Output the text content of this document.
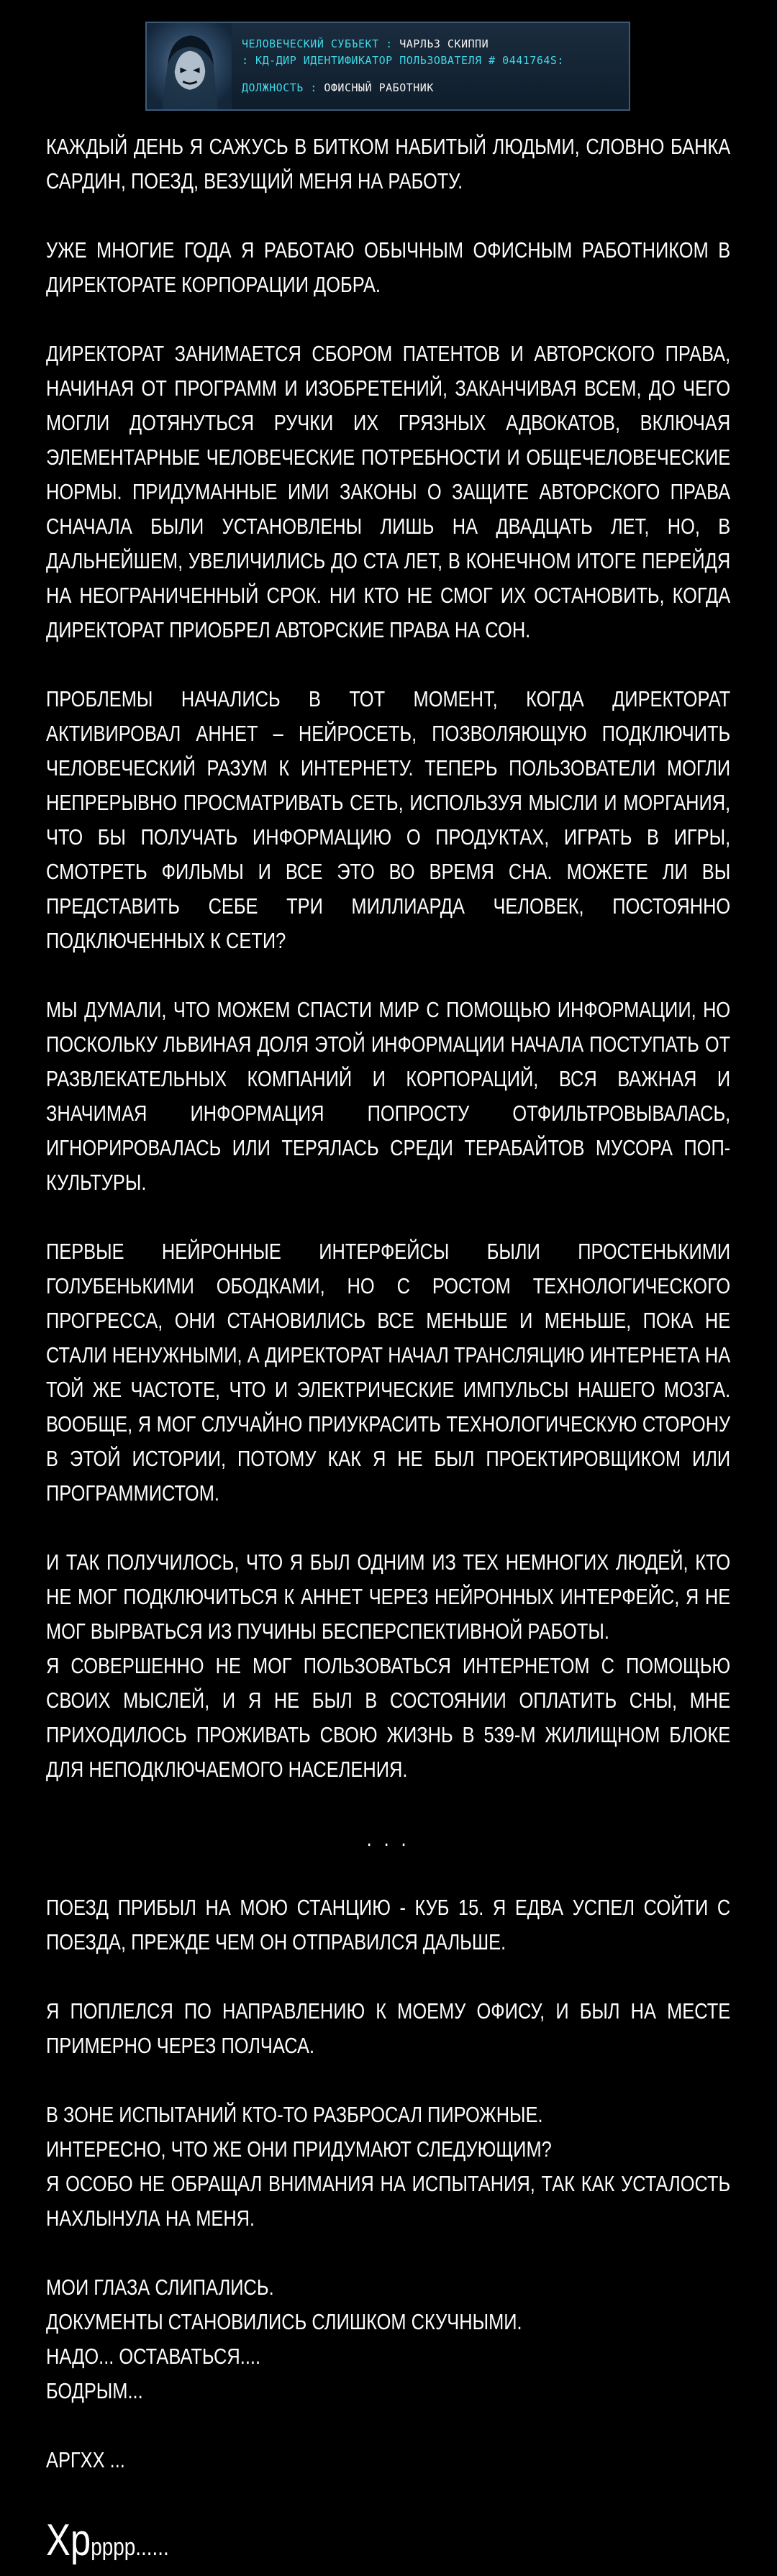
ЧЕЛОВЕЧЕСКИЙ СУБЪЕКТ : ЧАРЛЬЗ СКИППИ
: КД-ДИР ИДЕНТИФИКАТОР ПОЛЬЗОВАТЕЛЯ # 0441764S:
ДОЛЖНОСТЬ : ОФИСНЫЙ РАБОТНИК

КАЖДЫЙ ДЕНЬ Я САЖУСЬ В БИТКОМ НАБИТЫЙ ЛЮДЬМИ, СЛОВНО БАНКА САРДИН, ПОЕЗД, ВЕЗУЩИЙ МЕНЯ НА РАБОТУ.

УЖЕ МНОГИЕ ГОДА Я РАБОТАЮ ОБЫЧНЫМ ОФИСНЫМ РАБОТНИКОМ В ДИРЕКТОРАТЕ КОРПОРАЦИИ ДОБРА.

ДИРЕКТОРАТ ЗАНИМАЕТСЯ СБОРОМ ПАТЕНТОВ И АВТОРСКОГО ПРАВА, НАЧИНАЯ ОТ ПРОГРАММ И ИЗОБРЕТЕНИЙ, ЗАКАНЧИВАЯ ВСЕМ, ДО ЧЕГО МОГЛИ ДОТЯНУТЬСЯ РУЧКИ ИХ ГРЯЗНЫХ АДВОКАТОВ, ВКЛЮЧАЯ ЭЛЕМЕНТАРНЫЕ ЧЕЛОВЕЧЕСКИЕ ПОТРЕБНОСТИ И ОБЩЕЧЕЛОВЕЧЕСКИЕ НОРМЫ. ПРИДУМАННЫЕ ИМИ ЗАКОНЫ О ЗАЩИТЕ АВТОРСКОГО ПРАВА СНАЧАЛА БЫЛИ УСТАНОВЛЕНЫ ЛИШЬ НА ДВАДЦАТЬ ЛЕТ, НО, В ДАЛЬНЕЙШЕМ, УВЕЛИЧИЛИСЬ ДО СТА ЛЕТ, В КОНЕЧНОМ ИТОГЕ ПЕРЕЙДЯ НА НЕОГРАНИЧЕННЫЙ СРОК. НИ КТО НЕ СМОГ ИХ ОСТАНОВИТЬ, КОГДА ДИРЕКТОРАТ ПРИОБРЕЛ АВТОРСКИЕ ПРАВА НА СОН.

ПРОБЛЕМЫ НАЧАЛИСЬ В ТОТ МОМЕНТ, КОГДА ДИРЕКТОРАТ АКТИВИРОВАЛ АННЕТ – НЕЙРОСЕТЬ, ПОЗВОЛЯЮЩУЮ ПОДКЛЮЧИТЬ ЧЕЛОВЕЧЕСКИЙ РАЗУМ К ИНТЕРНЕТУ. ТЕПЕРЬ ПОЛЬЗОВАТЕЛИ МОГЛИ НЕПРЕРЫВНО ПРОСМАТРИВАТЬ СЕТЬ, ИСПОЛЬЗУЯ МЫСЛИ И МОРГАНИЯ, ЧТО БЫ ПОЛУЧАТЬ ИНФОРМАЦИЮ О ПРОДУКТАХ, ИГРАТЬ В ИГРЫ, СМОТРЕТЬ ФИЛЬМЫ И ВСЕ ЭТО ВО ВРЕМЯ СНА. МОЖЕТЕ ЛИ ВЫ ПРЕДСТАВИТЬ СЕБЕ ТРИ МИЛЛИАРДА ЧЕЛОВЕК, ПОСТОЯННО ПОДКЛЮЧЕННЫХ К СЕТИ?

МЫ ДУМАЛИ, ЧТО МОЖЕМ СПАСТИ МИР С ПОМОЩЬЮ ИНФОРМАЦИИ, НО ПОСКОЛЬКУ ЛЬВИНАЯ ДОЛЯ ЭТОЙ ИНФОРМАЦИИ НАЧАЛА ПОСТУПАТЬ ОТ РАЗВЛЕКАТЕЛЬНЫХ КОМПАНИЙ И КОРПОРАЦИЙ, ВСЯ ВАЖНАЯ И ЗНАЧИМАЯ ИНФОРМАЦИЯ ПОПРОСТУ ОТФИЛЬТРОВЫВАЛАСЬ, ИГНОРИРОВАЛАСЬ ИЛИ ТЕРЯЛАСЬ СРЕДИ ТЕРАБАЙТОВ МУСОРА ПОП-КУЛЬТУРЫ.

ПЕРВЫЕ НЕЙРОННЫЕ ИНТЕРФЕЙСЫ БЫЛИ ПРОСТЕНЬКИМИ ГОЛУБЕНЬКИМИ ОБОДКАМИ, НО С РОСТОМ ТЕХНОЛОГИЧЕСКОГО ПРОГРЕССА, ОНИ СТАНОВИЛИСЬ ВСЕ МЕНЬШЕ И МЕНЬШЕ, ПОКА НЕ СТАЛИ НЕНУЖНЫМИ, А ДИРЕКТОРАТ НАЧАЛ ТРАНСЛЯЦИЮ ИНТЕРНЕТА НА ТОЙ ЖЕ ЧАСТОТЕ, ЧТО И ЭЛЕКТРИЧЕСКИЕ ИМПУЛЬСЫ НАШЕГО МОЗГА. ВООБЩЕ, Я МОГ СЛУЧАЙНО ПРИУКРАСИТЬ ТЕХНОЛОГИЧЕСКУЮ СТОРОНУ В ЭТОЙ ИСТОРИИ, ПОТОМУ КАК Я НЕ БЫЛ ПРОЕКТИРОВЩИКОМ ИЛИ ПРОГРАММИСТОМ.

И ТАК ПОЛУЧИЛОСЬ, ЧТО Я БЫЛ ОДНИМ ИЗ ТЕХ НЕМНОГИХ ЛЮДЕЙ, КТО НЕ МОГ ПОДКЛЮЧИТЬСЯ К АННЕТ ЧЕРЕЗ НЕЙРОННЫХ ИНТЕРФЕЙС, Я НЕ МОГ ВЫРВАТЬСЯ ИЗ ПУЧИНЫ БЕСПЕРСПЕКТИВНОЙ РАБОТЫ.
Я СОВЕРШЕННО НЕ МОГ ПОЛЬЗОВАТЬСЯ ИНТЕРНЕТОМ С ПОМОЩЬЮ СВОИХ МЫСЛЕЙ, И Я НЕ БЫЛ В СОСТОЯНИИ ОПЛАТИТЬ СНЫ, МНЕ ПРИХОДИЛОСЬ ПРОЖИВАТЬ СВОЮ ЖИЗНЬ В 539-М ЖИЛИЩНОМ БЛОКЕ ДЛЯ НЕПОДКЛЮЧАЕМОГО НАСЕЛЕНИЯ.

. . .

ПОЕЗД ПРИБЫЛ НА МОЮ СТАНЦИЮ - КУБ 15. Я ЕДВА УСПЕЛ СОЙТИ С ПОЕЗДА, ПРЕЖДЕ ЧЕМ ОН ОТПРАВИЛСЯ ДАЛЬШЕ.

Я ПОПЛЕЛСЯ ПО НАПРАВЛЕНИЮ К МОЕМУ ОФИСУ, И БЫЛ НА МЕСТЕ ПРИМЕРНО ЧЕРЕЗ ПОЛЧАСА.

В ЗОНЕ ИСПЫТАНИЙ КТО-ТО РАЗБРОСАЛ ПИРОЖНЫЕ.
ИНТЕРЕСНО, ЧТО ЖЕ ОНИ ПРИДУМАЮТ СЛЕДУЮЩИМ?
Я ОСОБО НЕ ОБРАЩАЛ ВНИМАНИЯ НА ИСПЫТАНИЯ, ТАК КАК УСТАЛОСТЬ НАХЛЫНУЛА НА МЕНЯ.
МОИ ГЛАЗА СЛИПАЛИСЬ.
ДОКУМЕНТЫ СТАНОВИЛИСЬ СЛИШКОМ СКУЧНЫМИ.
НАДО... ОСТАВАТЬСЯ....
БОДРЫМ...

АРГХХ ...

Хррррр......
